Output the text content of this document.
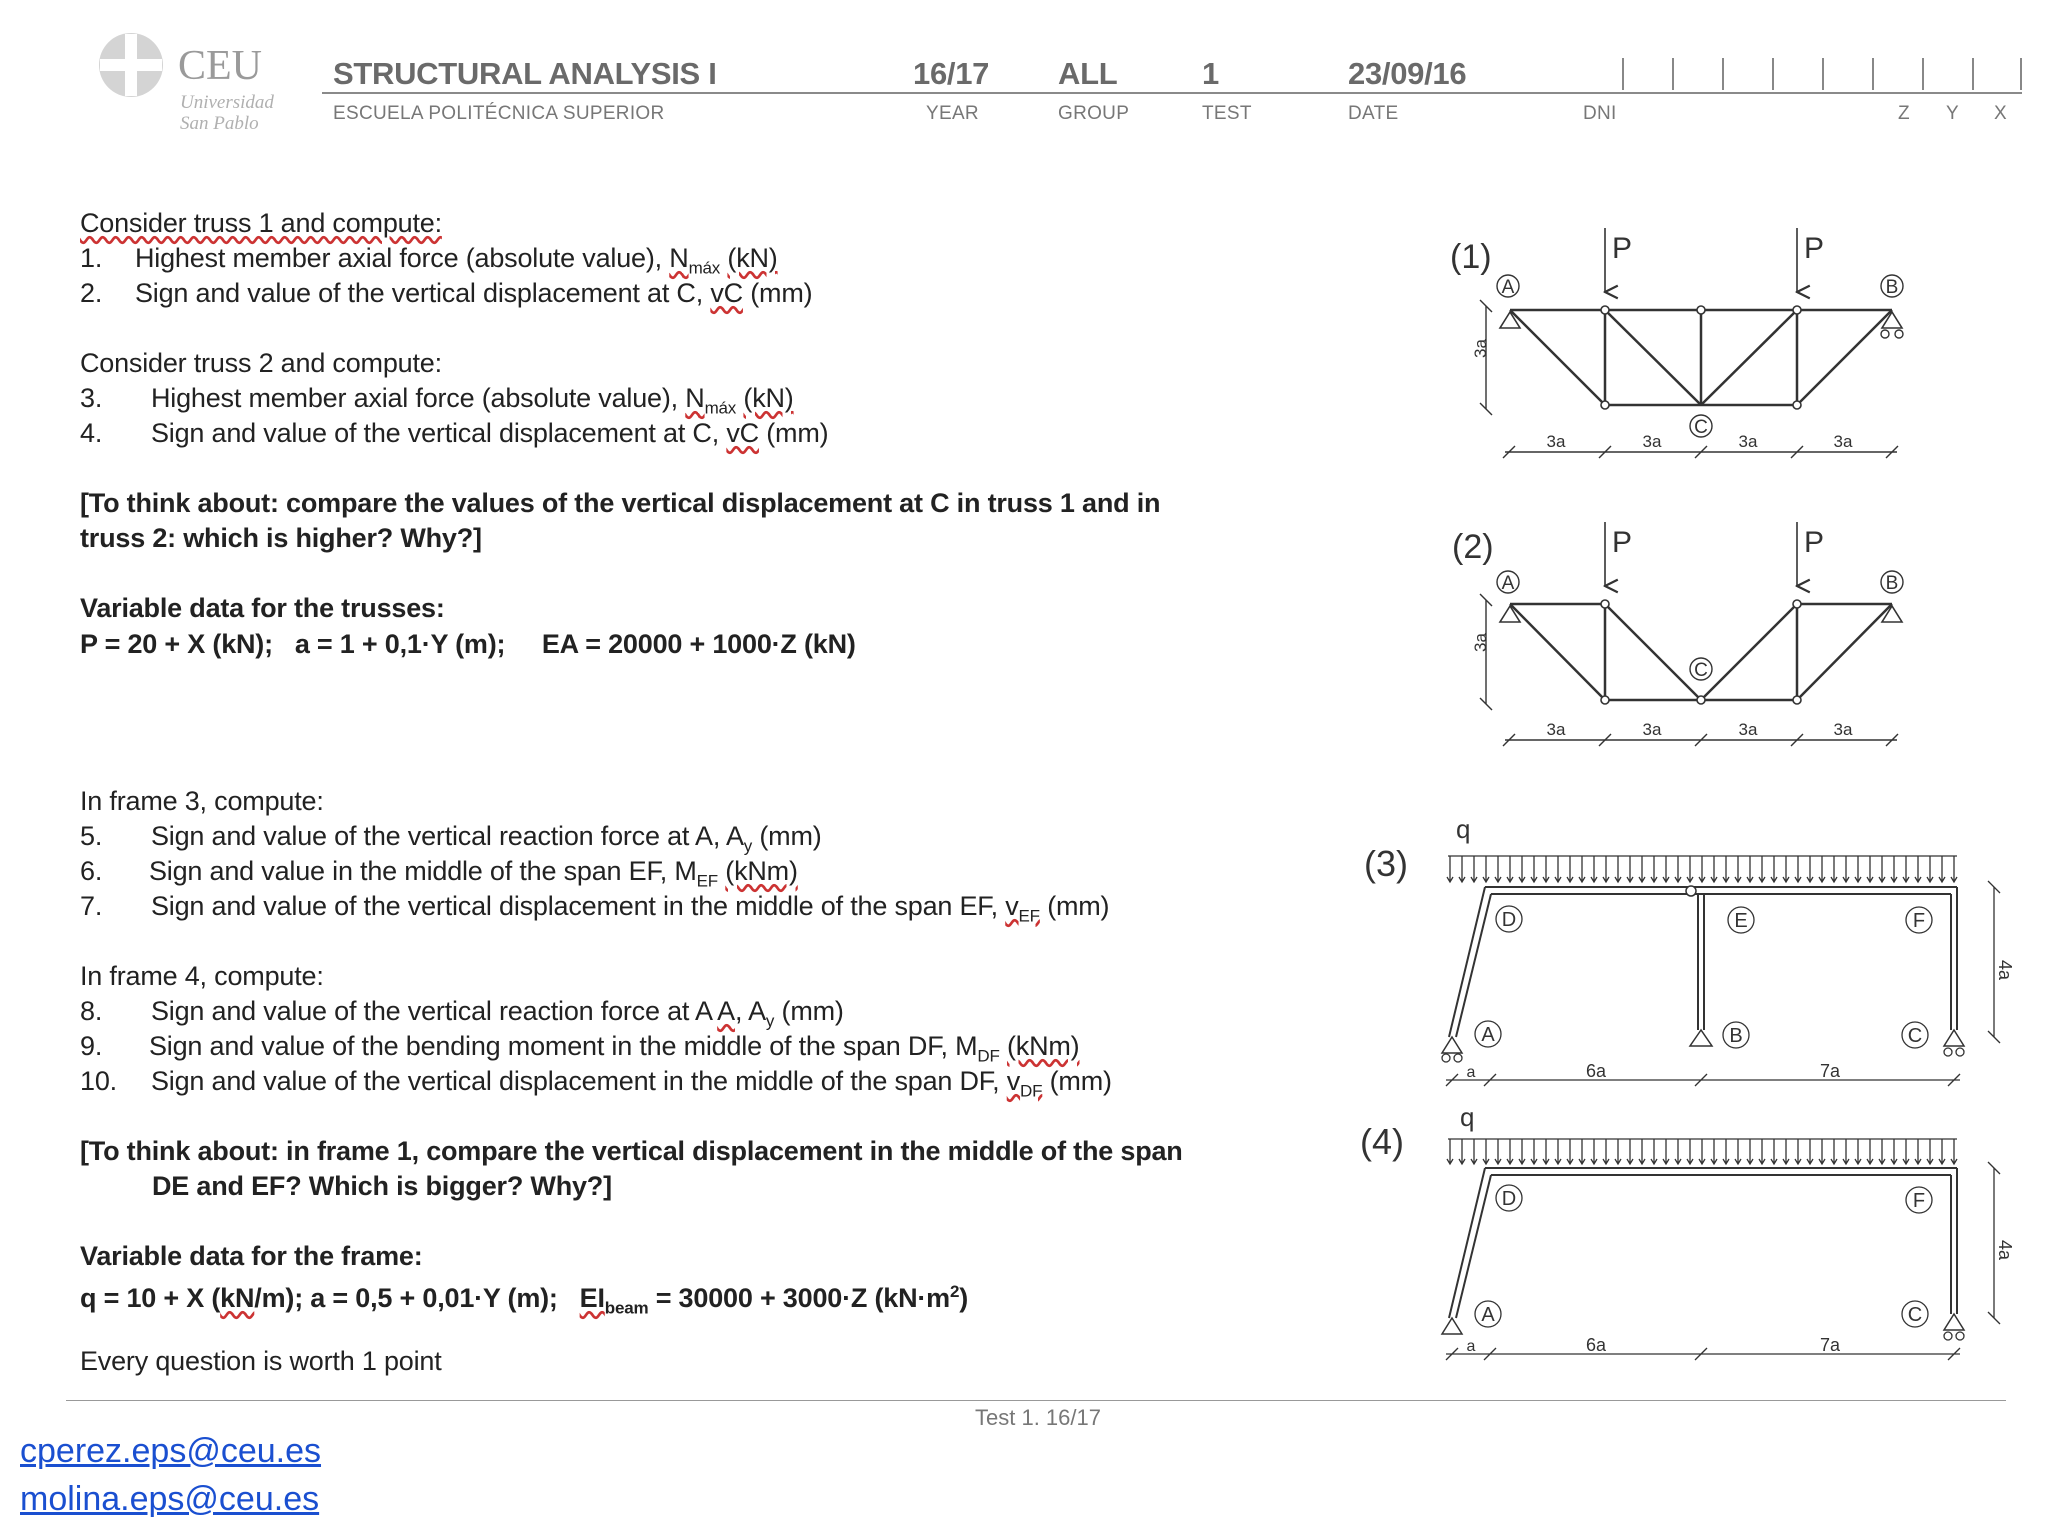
CEU
Universidad
San Pablo
STRUCTURAL ANALYSIS I
ESCUELA POLITÉCNICA SUPERIOR
16/17
YEAR
ALL
GROUP
1
TEST
23/09/16
DATE	DNI	Z Y X
Consider truss 1 and compute:
1. Highest member axial force (absolute value), $N_{máx}$ (kN)
2. Sign and value of the vertical displacement at C, vC (mm)
Consider truss 2 and compute:
3. Highest member axial force (absolute value), $N_{máx}$ (kN)
4. Sign and value of the vertical displacement at C, vC (mm)
[To think about: compare the values of the vertical displacement at C in truss 1 and in
truss 2: which is higher? Why?]
Variable data for the trusses:
P = 20 + X (kN); a = 1 + 0,1·Y (m); EA = 20000 + 1000·Z (kN)
In frame 3, compute:
5. Sign and value of the vertical reaction force at A, $A_y$ (mm)
6. Sign and value in the middle of the span EF, $M_{EF}$ (kNm)
7. Sign and value of the vertical displacement in the middle of the span EF, $v_{EF}$ (mm)
In frame 4, compute:
8. Sign and value of the vertical reaction force at A A, $A_y$ (mm)
9. Sign and value of the bending moment in the middle of the span DF, $M_{DF}$ (kNm)
10. Sign and value of the vertical displacement in the middle of the span DF, $v_{DF}$ (mm)
[To think about: in frame 1, compare the vertical displacement in the middle of the span
DE and EF? Which is bigger? Why?]
Variable data for the frame:
q = 10 + X (kN/m); a = 0,5 + 0,01·Y (m); $EI_{beam} = 30000 + 3000\cdot Z$ $(kN\cdot m^2)$
Every question is worth 1 point
(1)	P	P
A	B
C
3a
3a	3a	3a	3a
(2)	P	P
A	B
C
3a
3a	3a	3a	3a
(3)
q
D	E	F
A	B	C
a	6a	7a
4a
(4)
q
D	F
A	C
a	6a	7a
4a
Test 1. 16/17
cperez.eps@ceu.es
molina.eps@ceu.es
